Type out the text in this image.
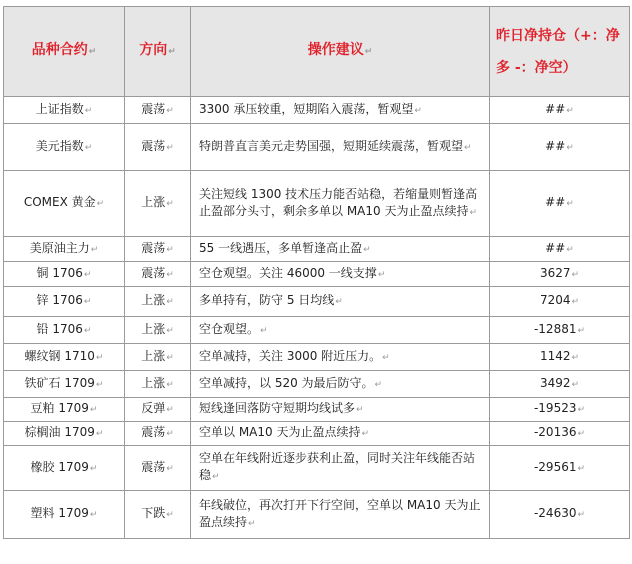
品种合约↵	方向↵	操作建议↵	昨日净持仓（+：净多 -：净空）
上证指数↵	震荡↵	3300 承压较重，短期陷入震荡，暂观望↵	##↵
美元指数↵	震荡↵	特朗普直言美元走势国强，短期延续震荡，暂观望↵	##↵
COMEX 黄金↵	上涨↵	关注短线 1300 技术压力能否站稳，若缩量则暂逢高止盈部分头寸，剩余多单以 MA10 天为止盈点续持↵	##↵
美原油主力↵	震荡↵	55 一线遇压，多单暂逢高止盈↵	##↵
铜 1706↵	震荡↵	空仓观望。关注 46000 一线支撑↵	3627↵
锌 1706↵	上涨↵	多单持有，防守 5 日均线↵	7204↵
铅 1706↵	上涨↵	空仓观望。↵	-12881↵
螺纹钢 1710↵	上涨↵	空单减持，关注 3000 附近压力。↵	1142↵
铁矿石 1709↵	上涨↵	空单减持，以 520 为最后防守。↵	3492↵
豆粕 1709↵	反弹↵	短线逢回落防守短期均线试多↵	-19523↵
棕榈油 1709↵	震荡↵	空单以 MA10 天为止盈点续持↵	-20136↵
橡胶 1709↵	震荡↵	空单在年线附近逐步获利止盈，同时关注年线能否站稳↵	-29561↵
塑料 1709↵	下跌↵	年线破位，再次打开下行空间，空单以 MA10 天为止盈点续持↵	-24630↵
